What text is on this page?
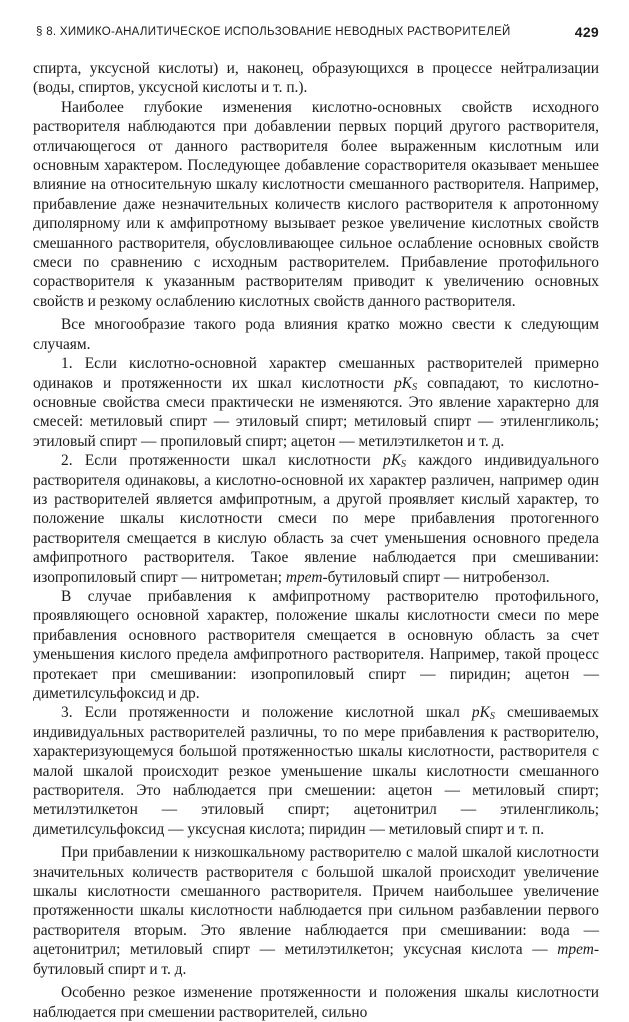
§ 8. ХИМИКО-АНАЛИТИЧЕСКОЕ ИСПОЛЬЗОВАНИЕ НЕВОДНЫХ РАСТВОРИТЕЛЕЙ	429

спирта, уксусной кислоты) и, наконец, образующихся в процессе нейтрализации (воды, спиртов, уксусной кислоты и т. п.).

Наиболее глубокие изменения кислотно-основных свойств исходного растворителя наблюдаются при добавлении первых порций другого растворителя, отличающегося от данного растворителя более выраженным кислотным или основным характером. Последующее добавление сорастворителя оказывает меньшее влияние на относительную шкалу кислотности смешанного растворителя. Например, прибавление даже незначительных количеств кислого растворителя к апротонному диполярному или к амфипротному вызывает резкое увеличение кислотных свойств смешанного растворителя, обусловливающее сильное ослабление основных свойств смеси по сравнению с исходным растворителем. Прибавление протофильного сорастворителя к указанным растворителям приводит к увеличению основных свойств и резкому ослаблению кислотных свойств данного растворителя.

Все многообразие такого рода влияния кратко можно свести к следующим случаям.

1. Если кислотно-основной характер смешанных растворителей примерно одинаков и протяженности их шкал кислотности $pK_S$ совпадают, то кислотно-основные свойства смеси практически не изменяются. Это явление характерно для смесей: метиловый спирт — этиловый спирт; метиловый спирт — этиленгликоль; этиловый спирт — пропиловый спирт; ацетон — метилэтилкетон и т. д.

2. Если протяженности шкал кислотности $pK_S$ каждого индивидуального растворителя одинаковы, а кислотно-основной их характер различен, например один из растворителей является амфипротным, а другой проявляет кислый характер, то положение шкалы кислотности смеси по мере прибавления протогенного растворителя смещается в кислую область за счет уменьшения основного предела амфипротного растворителя. Такое явление наблюдается при смешивании: изопропиловый спирт — нитрометан; трет-бутиловый спирт — нитробензол.

В случае прибавления к амфипротному растворителю протофильного, проявляющего основной характер, положение шкалы кислотности смеси по мере прибавления основного растворителя смещается в основную область за счет уменьшения кислого предела амфипротного растворителя. Например, такой процесс протекает при смешивании: изопропиловый спирт — пиридин; ацетон — диметилсульфоксид и др.

3. Если протяженности и положение кислотной шкал $pK_S$ смешиваемых индивидуальных растворителей различны, то по мере прибавления к растворителю, характеризующемуся большой протяженностью шкалы кислотности, растворителя с малой шкалой происходит резкое уменьшение шкалы кислотности смешанного растворителя. Это наблюдается при смешении: ацетон — метиловый спирт; метилэтилкетон — этиловый спирт; ацетонитрил — этиленгликоль; диметилсульфоксид — уксусная кислота; пиридин — метиловый спирт и т. п.

При прибавлении к низкошкальному растворителю с малой шкалой кислотности значительных количеств растворителя с большой шкалой происходит увеличение шкалы кислотности смешанного растворителя. Причем наибольшее увеличение протяженности шкалы кислотности наблюдается при сильном разбавлении первого растворителя вторым. Это явление наблюдается при смешивании: вода — ацетонитрил; метиловый спирт — метилэтилкетон; уксусная кислота — трет-бутиловый спирт и т. д.

Особенно резкое изменение протяженности и положения шкалы кислотности наблюдается при смешении растворителей, сильно
